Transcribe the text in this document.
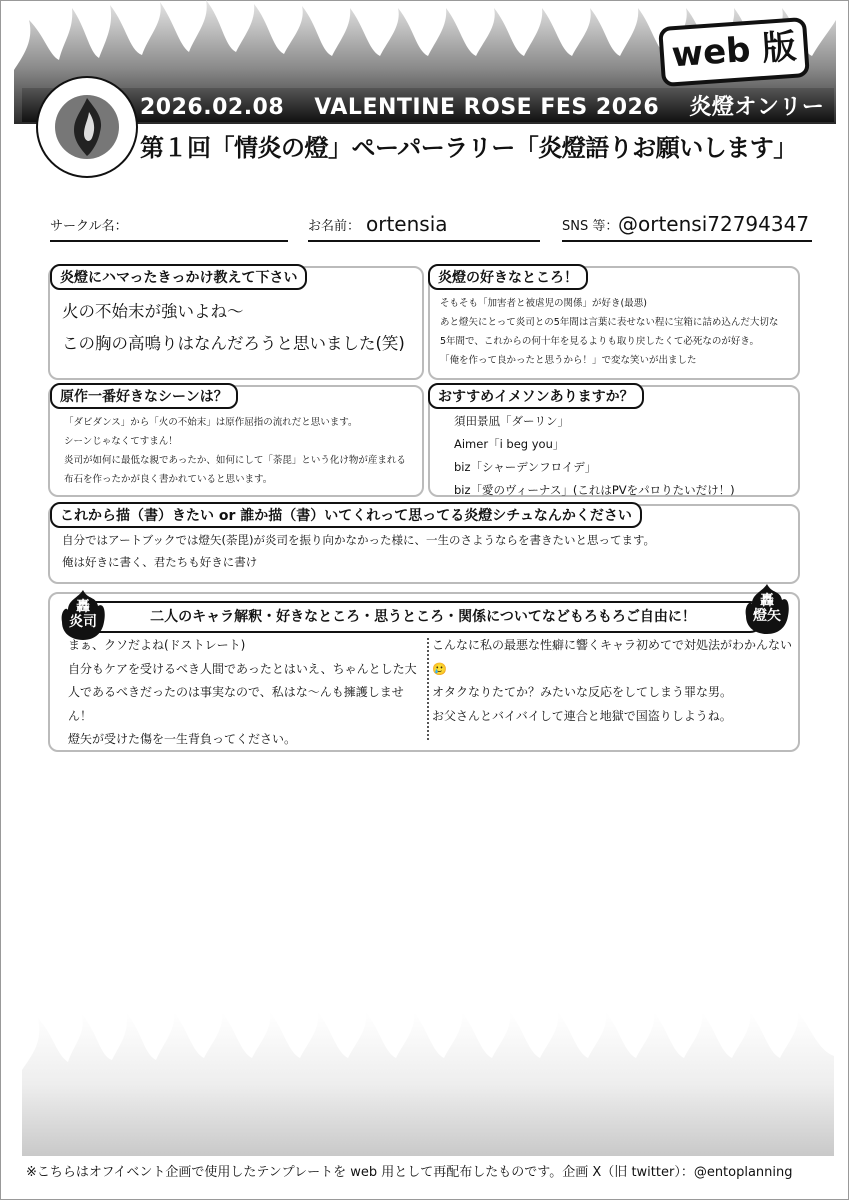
2026.02.08 VALENTINE ROSE FES 2026 炎燈オンリー
web 版
第１回「情炎の燈」ペーパーラリー「炎燈語りお願いします」
サークル名：	お名前： ortensia	SNS 等： @ortensi72794347
炎燈にハマったきっかけ教えて下さい

火の不始末が強いよね～

この胸の高鳴りはなんだろうと思いました(笑)

炎燈の好きなところ！

そもそも「加害者と被虐児の関係」が好き(最悪)

あと燈矢にとって炎司との5年間は言葉に表せない程に宝箱に詰め込んだ大切な

5年間で、これからの何十年を見るよりも取り戻したくて必死なのが好き。

「俺を作って良かったと思うから！」で変な笑いが出ました

原作一番好きなシーンは？

「ダビダンス」から「火の不始末」は原作屈指の流れだと思います。

シーンじゃなくてすまん！

炎司が如何に最低な親であったか、如何にして「荼毘」という化け物が産まれる

布石を作ったかが良く書かれていると思います。

おすすめイメソンありますか？

須田景凪「ダーリン」

Aimer「i beg you」

biz「シャーデンフロイデ」

biz「愛のヴィーナス」(これはPVをパロりたいだけ！)

これから描（書）きたい or 誰か描（書）いてくれって思ってる炎燈シチュなんかください

自分ではアートブックでは燈矢(荼毘)が炎司を振り向かなかった様に、一生のさようならを書きたいと思ってます。

俺は好きに書く、君たちも好きに書け

二人のキャラ解釈・好きなところ・思うところ・関係についてなどもろもろご自由に！
轟
炎司
轟
燈矢

まぁ、クソだよね(ドストレート)

自分もケアを受けるべき人間であったとはいえ、ちゃんとした大

人であるべきだったのは事実なので、私はな～んも擁護しませ

ん！

燈矢が受けた傷を一生背負ってください。

こんなに私の最悪な性癖に響くキャラ初めてで対処法がわかんない

🥲

オタクなりたてか？みたいな反応をしてしまう罪な男。

お父さんとバイバイして連合と地獄で国盗りしようね。

※こちらはオフイベント企画で使用したテンプレートを web 用として再配布したものです。企画 X（旧 twitter）：@entoplanning
